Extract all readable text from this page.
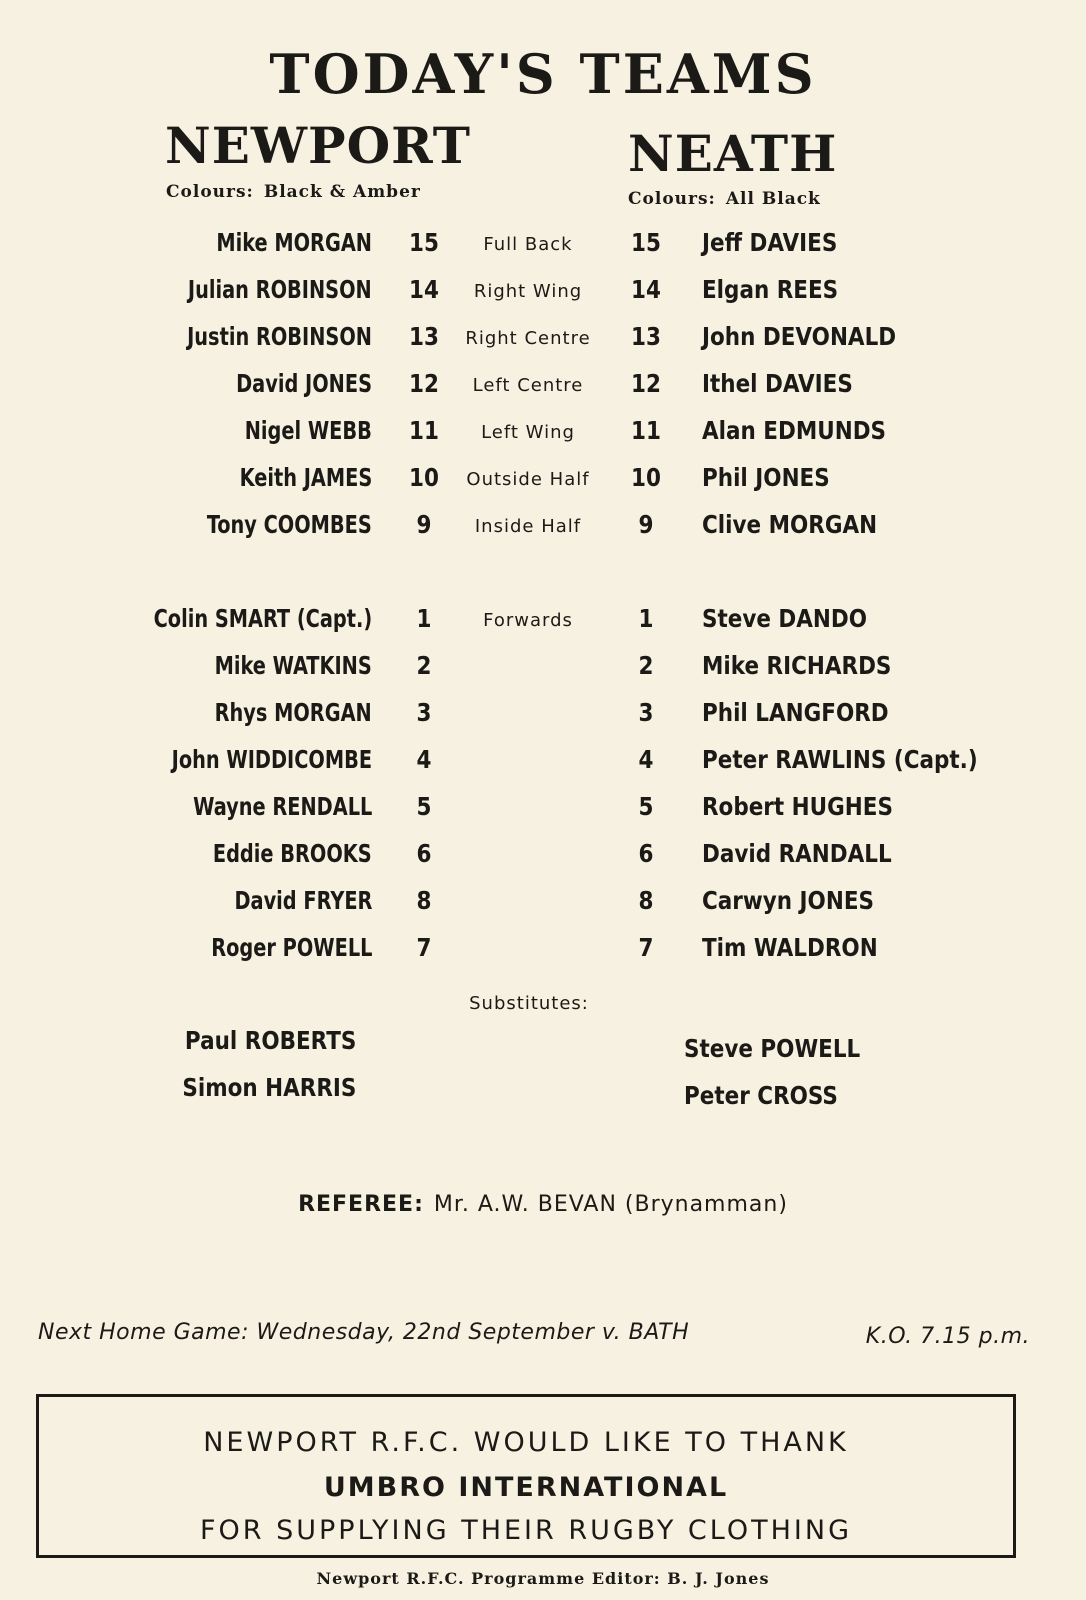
TODAY'S TEAMS
NEWPORT
Colours: Black & Amber
NEATH
Colours: All Black
Mike MORGAN 15	Full Back	15 Jeff DAVIES
Julian ROBINSON 14	Right Wing	14 Elgan REES
Justin ROBINSON 13	Right Centre	13 John DEVONALD
David JONES 12	Left Centre	12 Ithel DAVIES
Nigel WEBB 11	Left Wing	11 Alan EDMUNDS
Keith JAMES 10	Outside Half	10 Phil JONES
Tony COOMBES	9	Inside Half	9	Clive MORGAN
Colin SMART (Capt.)	1	Forwards	1	Steve DANDO
Mike WATKINS	2	2	Mike RICHARDS
Rhys MORGAN	3	3	Phil LANGFORD
John WIDDICOMBE	4	4	Peter RAWLINS (Capt.)
Wayne RENDALL	5	5	Robert HUGHES
Eddie BROOKS	6	6	David RANDALL
David FRYER	8	8	Carwyn JONES
Roger POWELL	7	7	Tim WALDRON
Substitutes:
Paul ROBERTS
Simon HARRIS
Steve POWELL
Peter CROSS
REFEREE: Mr. A.W. BEVAN (Brynamman)
Next Home Game: Wednesday, 22nd September v. BATH	K.O. 7.15 p.m.
NEWPORT R.F.C. WOULD LIKE TO THANK
UMBRO INTERNATIONAL
FOR SUPPLYING THEIR RUGBY CLOTHING
Newport R.F.C. Programme Editor: B. J. Jones
